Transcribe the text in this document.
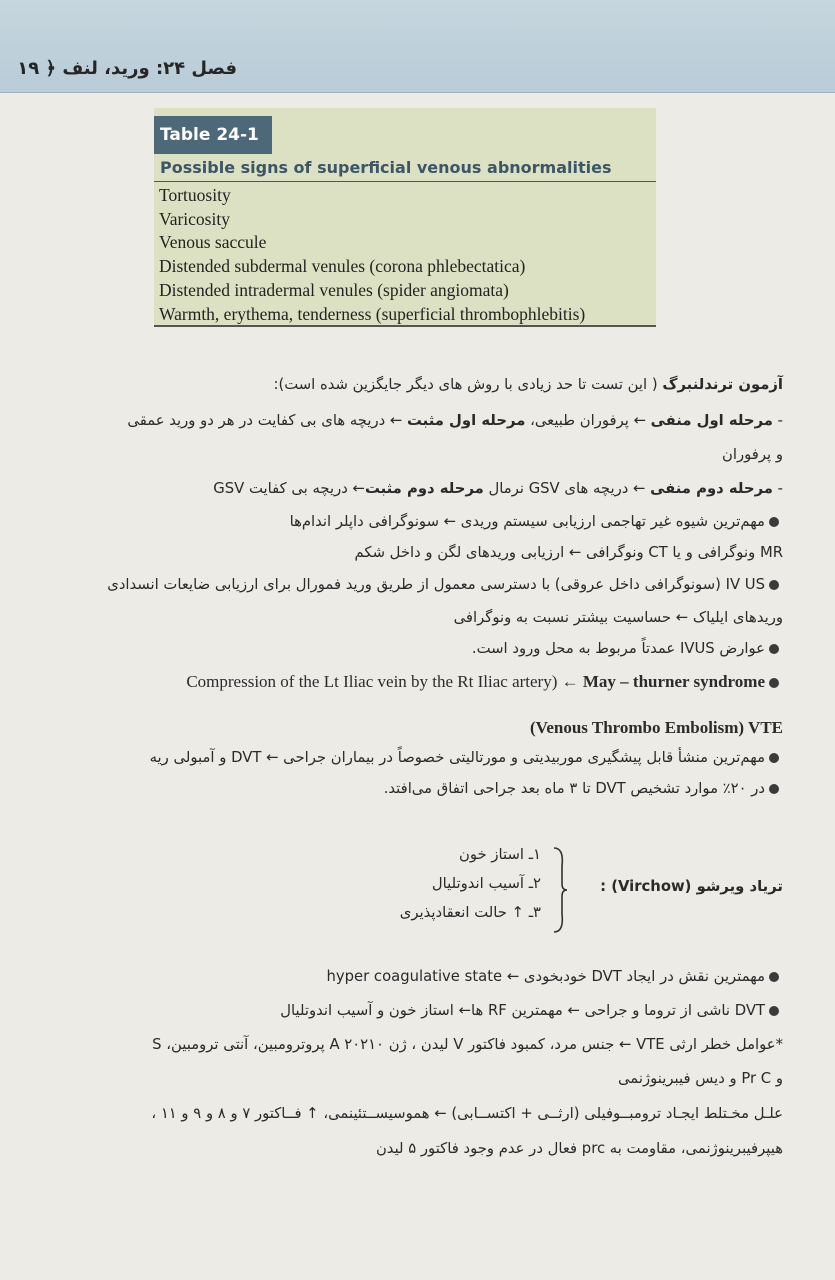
فصل ۲۴: ورید، لنف ﴿ ۱۹
Table 24-1
Possible signs of superficial venous abnormalities
Tortuosity
Varicosity
Venous saccule
Distended subdermal venules (corona phlebectatica)
Distended intradermal venules (spider angiomata)
Warmth, erythema, tenderness (superficial thrombophlebitis)
آزمون ترندلنبرگ ( این تست تا حد زیادی با روش های دیگر جایگزین شده است):
- مرحله اول منفی ← پرفوران طبیعی، مرحله اول مثبت ← دریچه های بی کفایت در هر دو ورید عمقی
و پرفوران
- مرحله دوم منفی ← دریچه های GSV نرمال مرحله دوم مثبت← دریچه بی کفایت GSV
مهم‌ترین شیوه غیر تهاجمی ارزیابی سیستم وریدی ← سونوگرافی داپلر اندام‌ها
MR ونوگرافی و یا CT ونوگرافی ← ارزیابی وریدهای لگن و داخل شکم
IV US (سونوگرافی داخل عروقی) با دسترسی معمول از طریق ورید فمورال برای ارزیابی ضایعات انسدادی
وریدهای ایلیاک ← حساسیت بیشتر نسبت به ونوگرافی
عوارض IVUS عمدتاً مربوط به محل ورود است.
Compression of the Lt Iliac vein by the Rt Iliac artery) ← May – thurner syndrome
(Venous Thrombo Embolism) VTE
مهم‌ترین منشأ قابل پیشگیری موربیدیتی و مورتالیتی خصوصاً در بیماران جراحی ← DVT و آمبولی ریه
در ۲۰٪ موارد تشخیص DVT تا ۳ ماه بعد جراحی اتفاق می‌افتد.
تریاد ویرشو (Virchow) :
۱ـ استاز خون
۲ـ آسیب اندوتلیال
۳ـ ↑ حالت انعقادپذیری
مهمترین نقش در ایجاد DVT خودبخودی ← hyper coagulative state
DVT ناشی از تروما و جراحی ← مهمترین RF ها← استاز خون و آسیب اندوتلیال
*عوامل خطر ارثی VTE ← جنس مرد، کمبود فاکتور V لیدن ، ژن A ۲۰۲۱۰ پروترومبین، آنتی ترومبین، S
و Pr C و دیس فیبرینوژنمی
علـل مخـتلط ایجـاد ترومبــوفیلی (ارثــی + اکتســابی) ← هموسیســتئینمی، ↑ فــاکتور ۷ و ۸ و ۹ و ۱۱ ،
هیپرفیبرینوژنمی، مقاومت به prc فعال در عدم وجود فاکتور ۵ لیدن
